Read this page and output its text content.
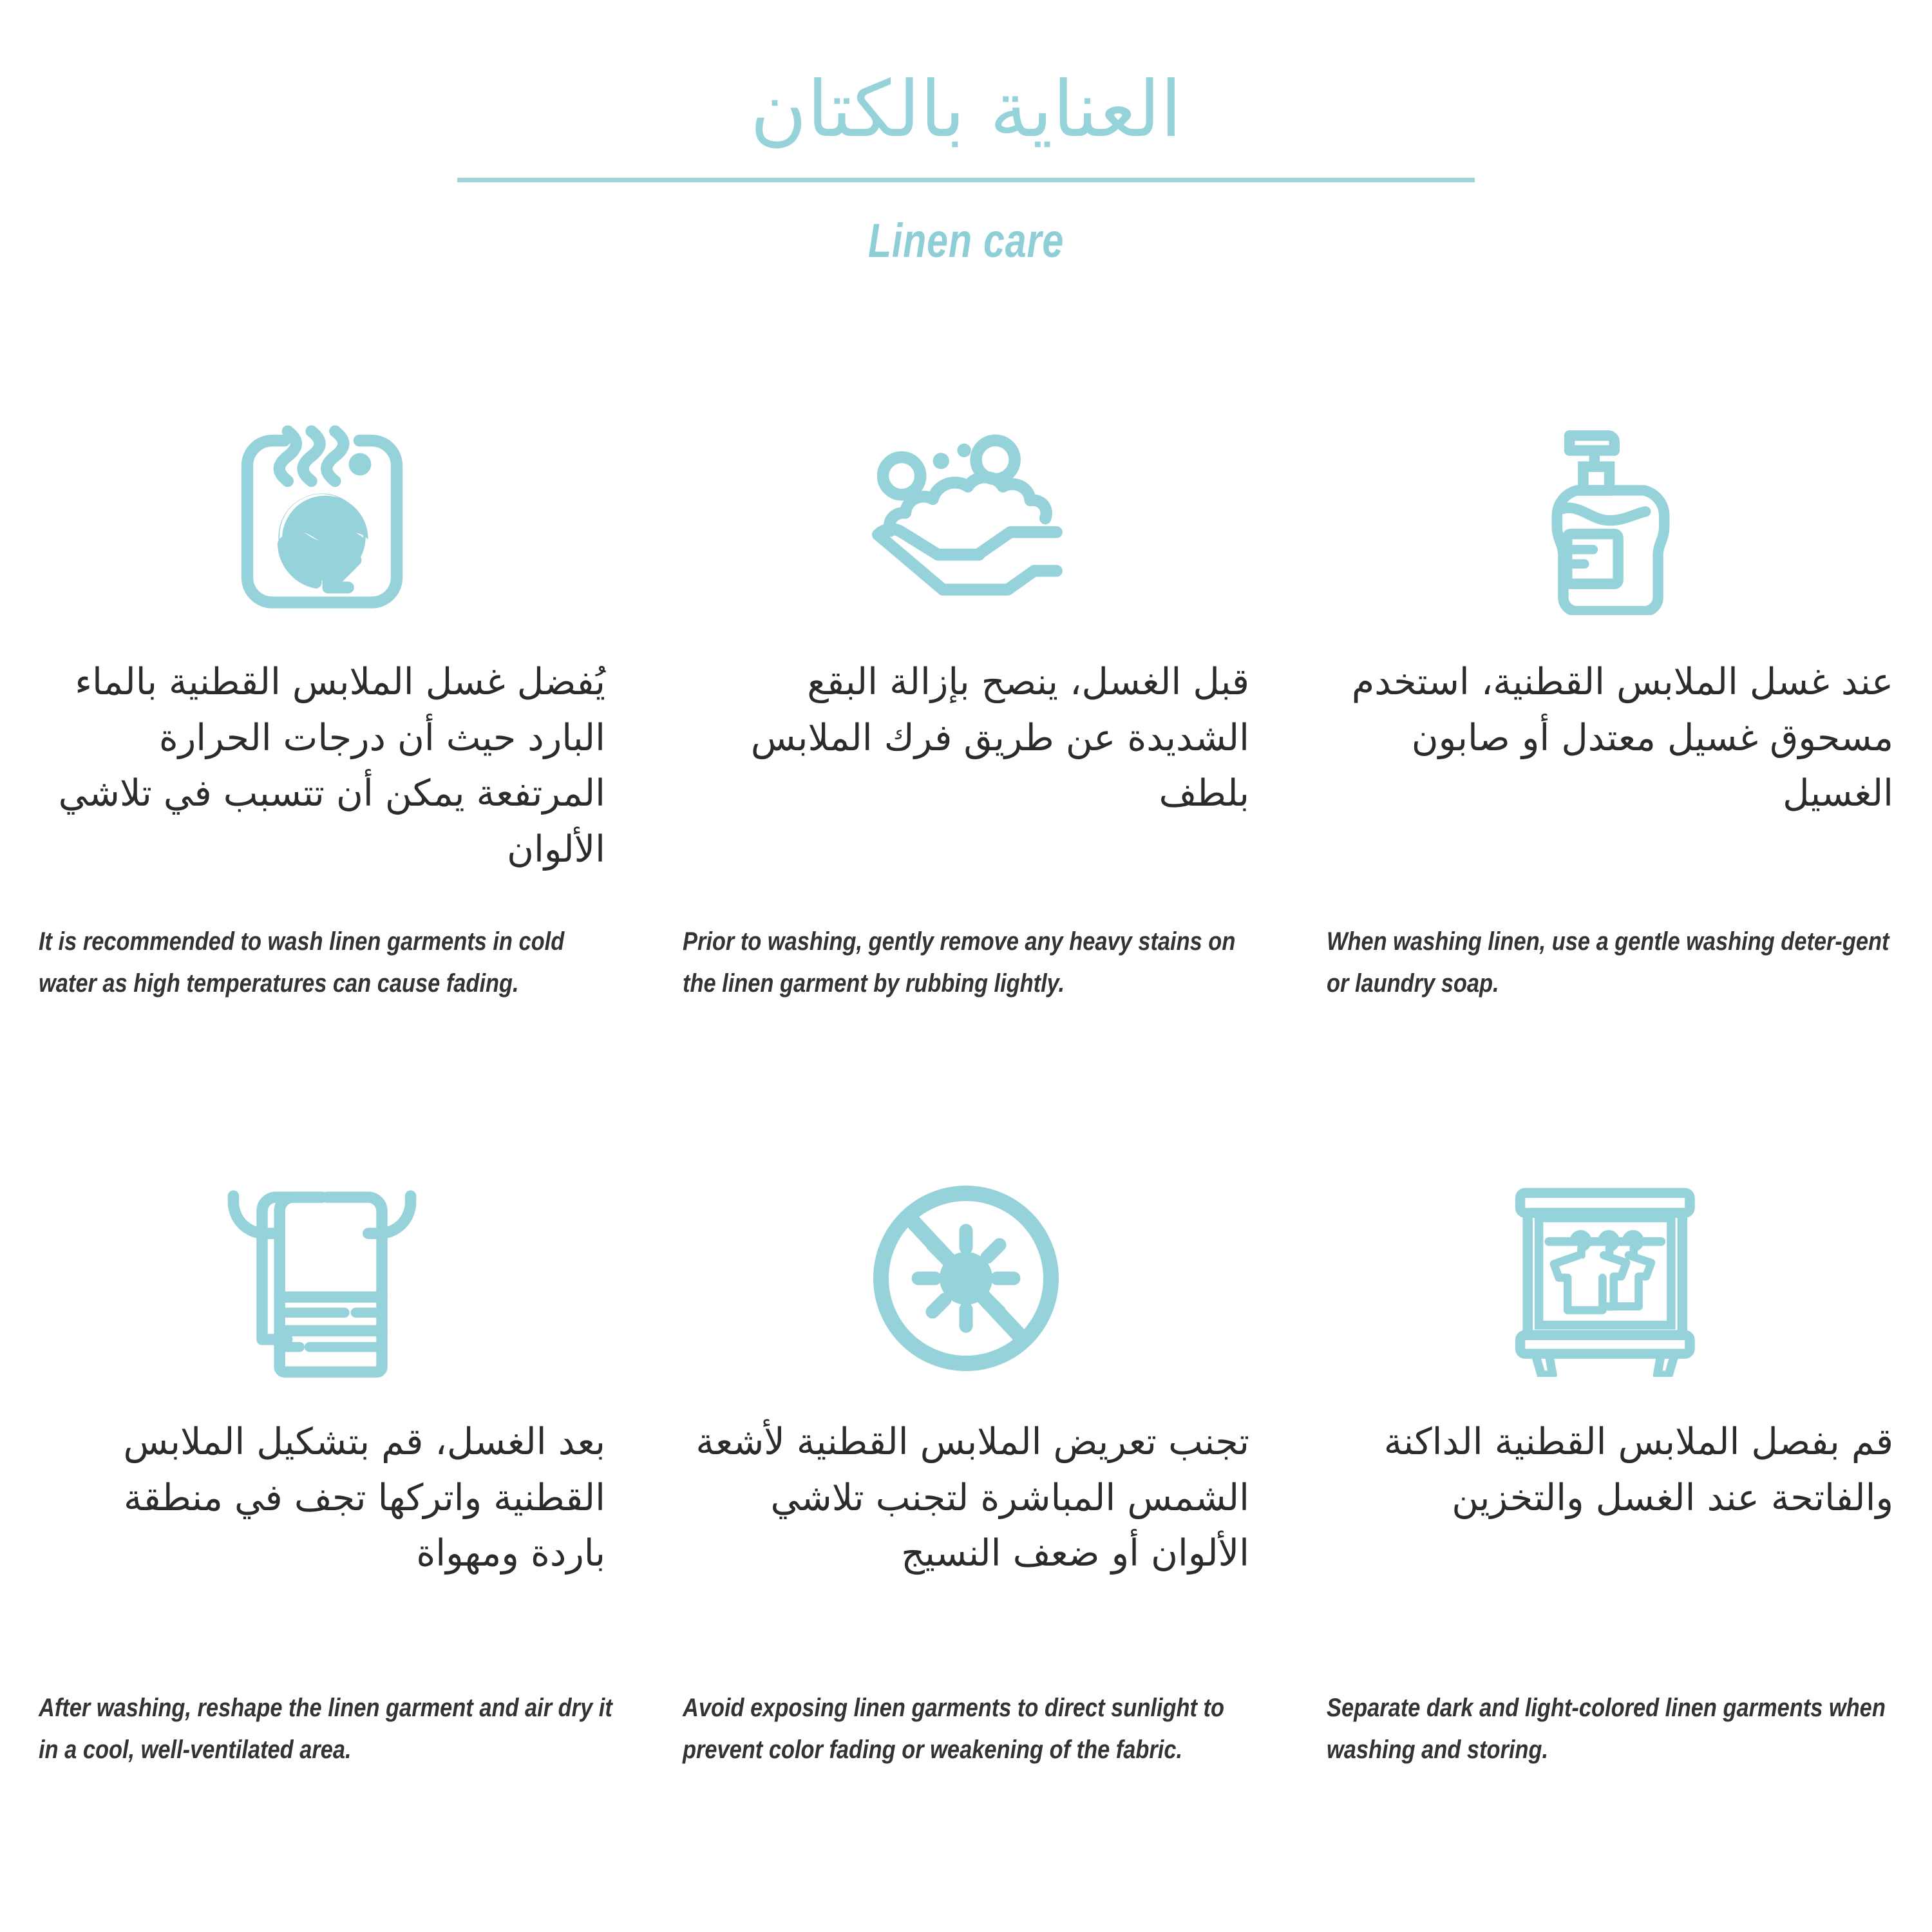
العناية بالكتان
Linen care
يُفضل غسل الملابس القطنية بالماء البارد حيث أن درجات الحرارة المرتفعة يمكن أن تتسبب في تلاشي الألوان
It is recommended to wash linen garments in cold water as high temperatures can cause fading.
قبل الغسل، ينصح بإزالة البقع الشديدة عن طريق فرك الملابس بلطف
Prior to washing, gently remove any heavy stains on the linen garment by rubbing lightly.
عند غسل الملابس القطنية، استخدم مسحوق غسيل معتدل أو صابون الغسيل
When washing linen, use a gentle washing deter-gent or laundry soap.
بعد الغسل، قم بتشكيل الملابس القطنية واتركها تجف في منطقة باردة ومهواة
After washing, reshape the linen garment and air dry it in a cool, well-ventilated area.
تجنب تعريض الملابس القطنية لأشعة الشمس المباشرة لتجنب تلاشي الألوان أو ضعف النسيج
Avoid exposing linen garments to direct sunlight to prevent color fading or weakening of the fabric.
قم بفصل الملابس القطنية الداكنة والفاتحة عند الغسل والتخزين
Separate dark and light-colored linen garments when washing and storing.
